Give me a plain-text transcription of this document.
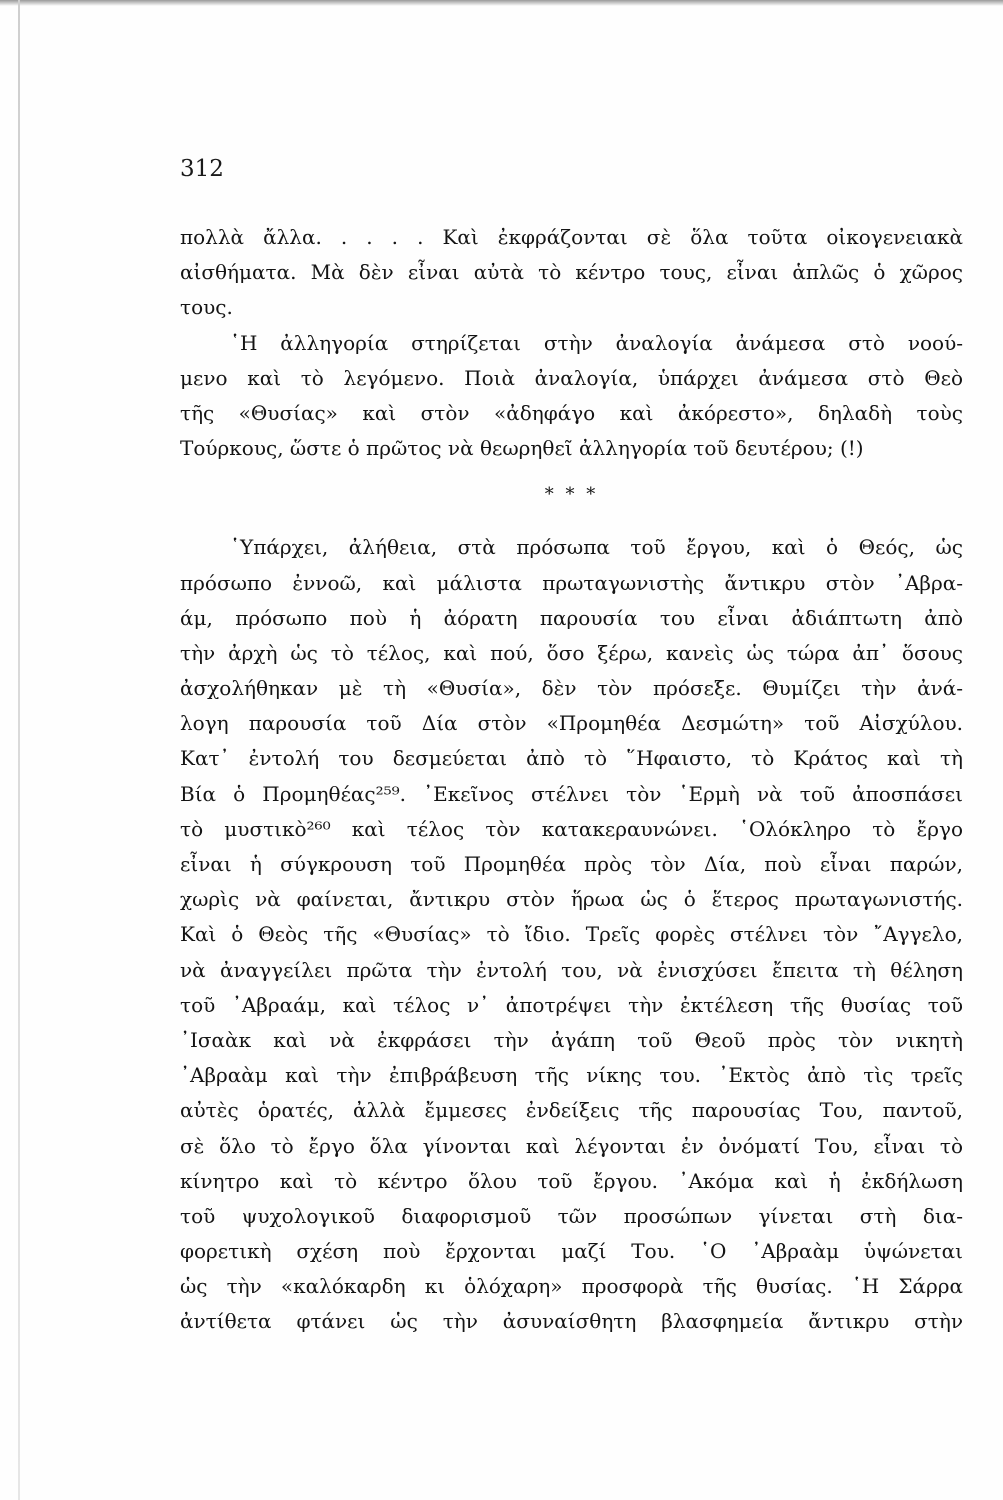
312
πολλὰ ἄλλα. . . . . Καὶ ἐκφράζονται σὲ ὅλα τοῦτα οἰκογενειακὰ
αἰσθήματα. Μὰ δὲν εἶναι αὐτὰ τὸ κέντρο τους, εἶναι ἁπλῶς ὁ χῶρος
τους.
῾Η ἀλληγορία στηρίζεται στὴν ἀναλογία ἀνάμεσα στὸ νοού-
μενο καὶ τὸ λεγόμενο. Ποιὰ ἀναλογία, ὑπάρχει ἀνάμεσα στὸ Θεὸ
τῆς «Θυσίας» καὶ στὸν «ἀδηφάγο καὶ ἀκόρεστο», δηλαδὴ τοὺς
Τούρκους, ὥστε ὁ πρῶτος νὰ θεωρηθεῖ ἀλληγορία τοῦ δευτέρου; (!)
* * *
῾Υπάρχει, ἀλήθεια, στὰ πρόσωπα τοῦ ἔργου, καὶ ὁ Θεός, ὡς
πρόσωπο ἐννοῶ, καὶ μάλιστα πρωταγωνιστὴς ἄντικρυ στὸν ᾿Αβρα-
άμ, πρόσωπο ποὺ ἡ ἀόρατη παρουσία του εἶναι ἀδιάπτωτη ἀπὸ
τὴν ἀρχὴ ὡς τὸ τέλος, καὶ πού, ὅσο ξέρω, κανεὶς ὡς τώρα ἀπ᾿ ὅσους
ἀσχολήθηκαν μὲ τὴ «Θυσία», δὲν τὸν πρόσεξε. Θυμίζει τὴν ἀνά-
λογη παρουσία τοῦ Δία στὸν «Προμηθέα Δεσμώτη» τοῦ Αἰσχύλου.
Κατ᾿ ἐντολή του δεσμεύεται ἀπὸ τὸ ῞Ηφαιστο, τὸ Κράτος καὶ τὴ
Βία ὁ Προμηθέας²⁵⁹. ᾿Εκεῖνος στέλνει τὸν ῾Ερμὴ νὰ τοῦ ἀποσπάσει
τὸ μυστικὸ²⁶⁰ καὶ τέλος τὸν κατακεραυνώνει. ῾Ολόκληρο τὸ ἔργο
εἶναι ἡ σύγκρουση τοῦ Προμηθέα πρὸς τὸν Δία, ποὺ εἶναι παρών,
χωρὶς νὰ φαίνεται, ἄντικρυ στὸν ἥρωα ὡς ὁ ἕτερος πρωταγωνιστής.
Καὶ ὁ Θεὸς τῆς «Θυσίας» τὸ ἴδιο. Τρεῖς φορὲς στέλνει τὸν ῎Αγγελο,
νὰ ἀναγγείλει πρῶτα τὴν ἐντολή του, νὰ ἐνισχύσει ἔπειτα τὴ θέληση
τοῦ ᾿Αβραάμ, καὶ τέλος ν᾿ ἀποτρέψει τὴν ἐκτέλεση τῆς θυσίας τοῦ
᾿Ισαὰκ καὶ νὰ ἐκφράσει τὴν ἀγάπη τοῦ Θεοῦ πρὸς τὸν νικητὴ
᾿Αβραὰμ καὶ τὴν ἐπιβράβευση τῆς νίκης του. ᾿Εκτὸς ἀπὸ τὶς τρεῖς
αὐτὲς ὁρατές, ἀλλὰ ἔμμεσες ἐνδείξεις τῆς παρουσίας Του, παντοῦ,
σὲ ὅλο τὸ ἔργο ὅλα γίνονται καὶ λέγονται ἐν ὀνόματί Του, εἶναι τὸ
κίνητρο καὶ τὸ κέντρο ὅλου τοῦ ἔργου. ᾿Ακόμα καὶ ἡ ἐκδήλωση
τοῦ ψυχολογικοῦ διαφορισμοῦ τῶν προσώπων γίνεται στὴ δια-
φορετικὴ σχέση ποὺ ἔρχονται μαζί Του. ῾Ο ᾿Αβραὰμ ὑψώνεται
ὡς τὴν «καλόκαρδη κι ὁλόχαρη» προσφορὰ τῆς θυσίας. ῾Η Σάρρα
ἀντίθετα φτάνει ὡς τὴν ἀσυναίσθητη βλασφημεία ἄντικρυ στὴν
